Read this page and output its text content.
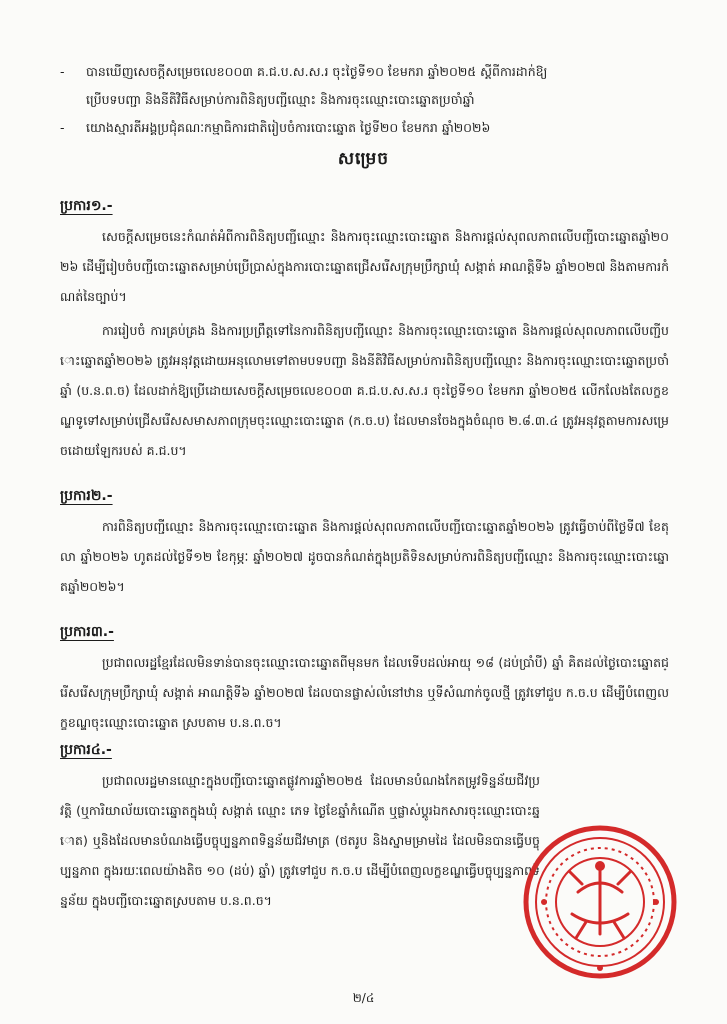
- បានឃើញសេចក្តីសម្រេចលេខ០០៣ គ.ជ.ប.ស.ស.រ ចុះថ្ងៃទី១០ ខែមករា ឆ្នាំ២០២៥ ស្តីពីការដាក់ឱ្យ
ប្រើបទបញ្ជា និងនីតិវិធីសម្រាប់ការពិនិត្យបញ្ជីឈ្មោះ និងការចុះឈ្មោះបោះឆ្នោតប្រចាំឆ្នាំ
- យោងស្មារតីអង្គប្រជុំគណៈកម្មាធិការជាតិរៀបចំការបោះឆ្នោត ថ្ងៃទី២០ ខែមករា ឆ្នាំ២០២៦
សម្រេច
ប្រការ១.-
សេចក្តីសម្រេចនេះកំណត់អំពីការពិនិត្យបញ្ជីឈ្មោះ និងការចុះឈ្មោះបោះឆ្នោត និងការផ្តល់សុពលភាពលើបញ្ជីបោះឆ្នោតឆ្នាំ២០២៦ ដើម្បីរៀបចំបញ្ជីបោះឆ្នោតសម្រាប់ប្រើប្រាស់ក្នុងការបោះឆ្នោតជ្រើសរើសក្រុមប្រឹក្សាឃុំ សង្កាត់ អាណត្តិទី៦ ឆ្នាំ២០២៧ និងតាមការកំណត់នៃច្បាប់។
ការរៀបចំ ការគ្រប់គ្រង និងការប្រព្រឹត្តទៅនៃការពិនិត្យបញ្ជីឈ្មោះ និងការចុះឈ្មោះបោះឆ្នោត និងការផ្តល់សុពលភាពលើបញ្ជីបោះឆ្នោតឆ្នាំ២០២៦ ត្រូវអនុវត្តដោយអនុលោមទៅតាមបទបញ្ជា និងនីតិវិធីសម្រាប់ការពិនិត្យបញ្ជីឈ្មោះ និងការចុះឈ្មោះបោះឆ្នោតប្រចាំឆ្នាំ (ប.ន.ព.ច) ដែលដាក់ឱ្យប្រើដោយសេចក្តីសម្រេចលេខ០០៣ គ.ជ.ប.ស.ស.រ ចុះថ្ងៃទី១០ ខែមករា ឆ្នាំ២០២៥ លើកលែងតែលក្ខខណ្ឌទូទៅសម្រាប់ជ្រើសរើសសមាសភាពក្រុមចុះឈ្មោះបោះឆ្នោត (ក.ច.ប) ដែលមានចែងក្នុងចំណុច ២.៨.៣.៤ ត្រូវអនុវត្តតាមការសម្រេចដោយឡែករបស់ គ.ជ.ប។
ប្រការ២.-
ការពិនិត្យបញ្ជីឈ្មោះ និងការចុះឈ្មោះបោះឆ្នោត និងការផ្តល់សុពលភាពលើបញ្ជីបោះឆ្នោតឆ្នាំ២០២៦ ត្រូវធ្វើចាប់ពីថ្ងៃទី៧ ខែតុលា ឆ្នាំ២០២៦ ហូតដល់ថ្ងៃទី១២ ខែកុម្ភៈ ឆ្នាំ២០២៧ ដូចបានកំណត់ក្នុងប្រតិទិនសម្រាប់ការពិនិត្យបញ្ជីឈ្មោះ និងការចុះឈ្មោះបោះឆ្នោតឆ្នាំ២០២៦។
ប្រការ៣.-
ប្រជាពលរដ្ឋខ្មែរដែលមិនទាន់បានចុះឈ្មោះបោះឆ្នោតពីមុនមក ដែលទើបដល់អាយុ ១៨ (ដប់ប្រាំបី) ឆ្នាំ គិតដល់ថ្ងៃបោះឆ្នោតជ្រើសរើសក្រុមប្រឹក្សាឃុំ សង្កាត់ អាណត្តិទី៦ ឆ្នាំ២០២៧ ដែលបានផ្លាស់លំនៅឋាន ឬទីសំណាក់ចូលថ្មី ត្រូវទៅជួប ក.ច.ប ដើម្បីបំពេញលក្ខខណ្ឌចុះឈ្មោះបោះឆ្នោត ស្របតាម ប.ន.ព.ច។
ប្រការ៤.-
ប្រជាពលរដ្ឋមានឈ្មោះក្នុងបញ្ជីបោះឆ្នោតផ្លូវការឆ្នាំ២០២៥ ដែលមានបំណងកែតម្រូវទិន្នន័យជីវប្រវត្តិ (ឬការិយាល័យបោះឆ្នោតក្នុងឃុំ សង្កាត់ ឈ្មោះ ភេទ ថ្ងៃខែឆ្នាំកំណើត ឬផ្លាស់ប្តូរឯកសារចុះឈ្មោះបោះឆ្នោត) ឬនិងដែលមានបំណងធ្វើបច្ចុប្បន្នភាពទិន្នន័យជីវមាត្រ (ថតរូប និងស្នាមម្រាមដៃ ដែលមិនបានធ្វើបច្ចុប្បន្នភាព ក្នុងរយៈពេលយ៉ាងតិច ១០ (ដប់) ឆ្នាំ) ត្រូវទៅជួប ក.ច.ប ដើម្បីបំពេញលក្ខខណ្ឌធ្វើបច្ចុប្បន្នភាពទិន្នន័យ ក្នុងបញ្ជីបោះឆ្នោតស្របតាម ប.ន.ព.ច។
២/៤
